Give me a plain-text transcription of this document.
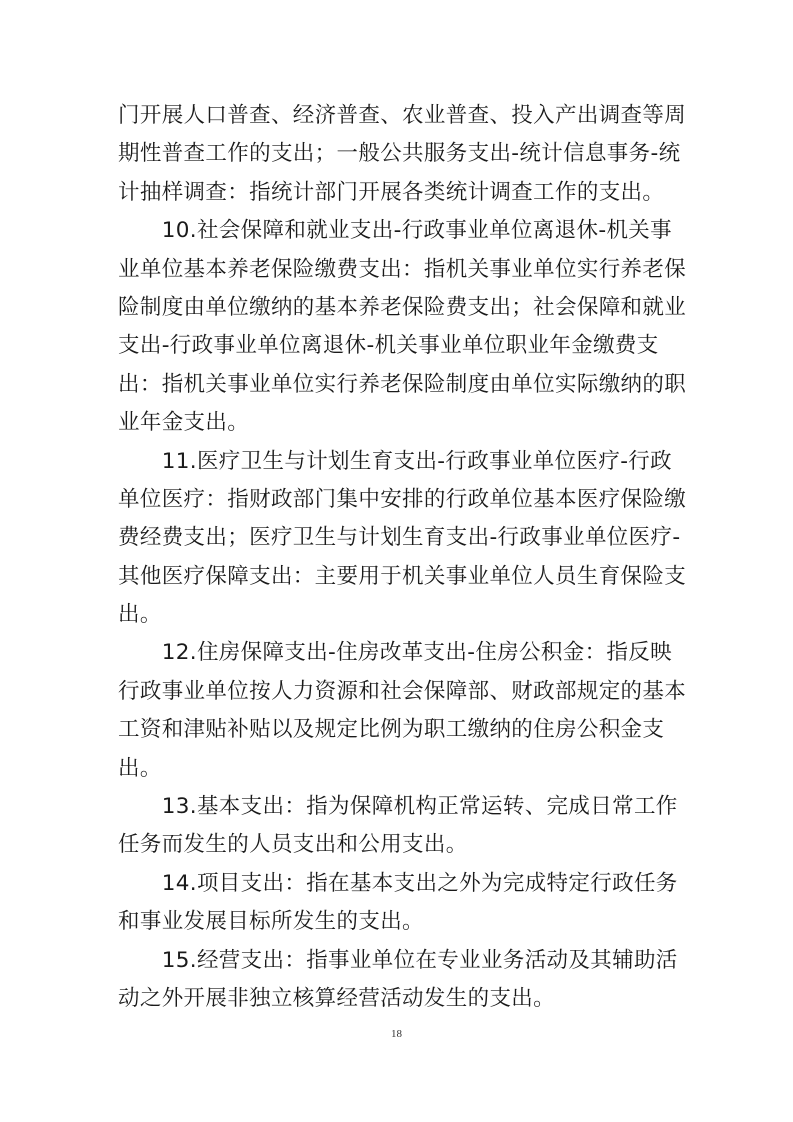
门开展人口普查、经济普查、农业普查、投入产出调查等周
期性普查工作的支出；一般公共服务支出-统计信息事务-统
计抽样调查：指统计部门开展各类统计调查工作的支出。
　　10.社会保障和就业支出-行政事业单位离退休-机关事
业单位基本养老保险缴费支出：指机关事业单位实行养老保
险制度由单位缴纳的基本养老保险费支出；社会保障和就业
支出-行政事业单位离退休-机关事业单位职业年金缴费支
出：指机关事业单位实行养老保险制度由单位实际缴纳的职
业年金支出。
　　11.医疗卫生与计划生育支出-行政事业单位医疗-行政
单位医疗：指财政部门集中安排的行政单位基本医疗保险缴
费经费支出；医疗卫生与计划生育支出-行政事业单位医疗-
其他医疗保障支出：主要用于机关事业单位人员生育保险支
出。
　　12.住房保障支出-住房改革支出-住房公积金：指反映
行政事业单位按人力资源和社会保障部、财政部规定的基本
工资和津贴补贴以及规定比例为职工缴纳的住房公积金支
出。
　　13.基本支出：指为保障机构正常运转、完成日常工作
任务而发生的人员支出和公用支出。
　　14.项目支出：指在基本支出之外为完成特定行政任务
和事业发展目标所发生的支出。
　　15.经营支出：指事业单位在专业业务活动及其辅助活
动之外开展非独立核算经营活动发生的支出。
18
